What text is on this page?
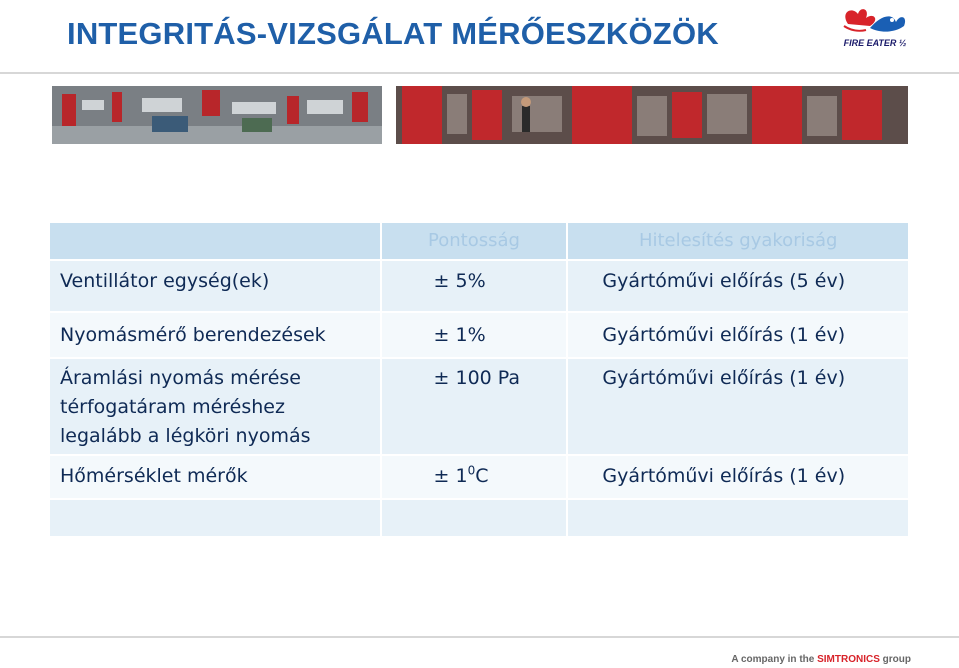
INTEGRITÁS-VIZSGÁLAT MÉRŐESZKÖZÖK	FIRE EATER ½
	Pontosság	Hitelesítés gyakoriság
Ventillátor egység(ek)	± 5%	Gyártóművi előírás (5 év)
Nyomásmérő berendezések	± 1%	Gyártóművi előírás (1 év)

Áramlási nyomás mérése
térfogatáram méréshez
legalább a légköri nyomás	± 100 Pa	Gyártóművi előírás (1 év)
Hőmérséklet mérők	± $1^0C$	Gyártóművi előírás (1 év)

A company in the SIMTRONICS group
